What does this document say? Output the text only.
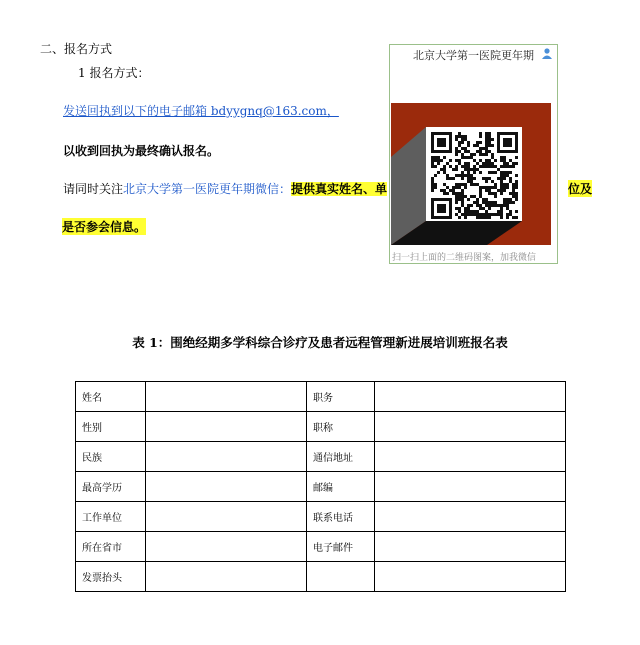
二、报名方式
1 报名方式：
发送回执到以下的电子邮箱 bdyygnq@163.com，
以收到回执为最终确认报名。
请同时关注北京大学第一医院更年期微信：提供真实姓名、单	位及
是否参会信息。
北京大学第一医院更年期
扫一扫上面的二维码图案，加我微信
表 1：围绝经期多学科综合诊疗及患者远程管理新进展培训班报名表
姓名		职务	
性别		职称	
民族		通信地址	
最高学历		邮编	
工作单位		联系电话	
所在省市		电子邮件	
发票抬头			
